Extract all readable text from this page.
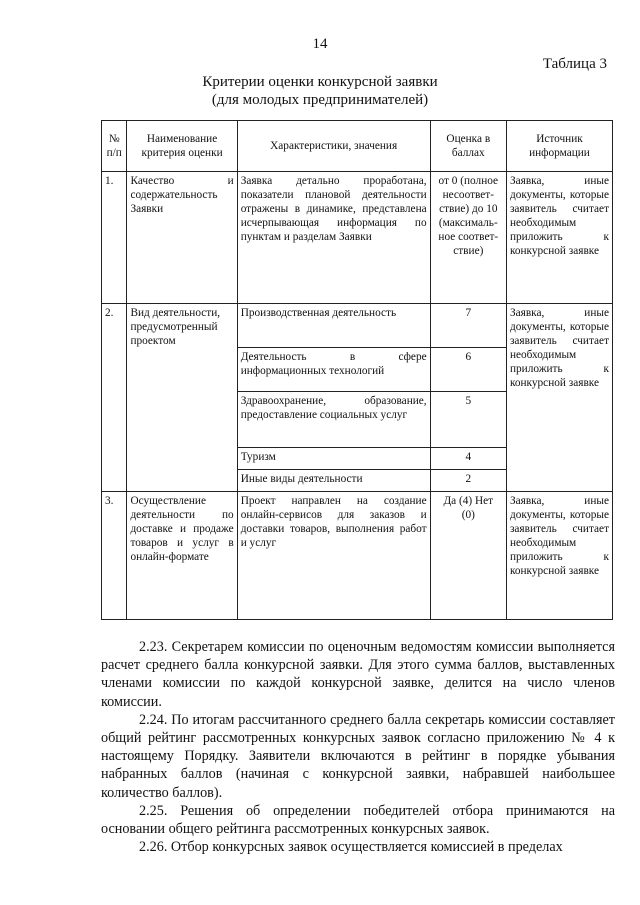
14
Таблица 3
Критерии оценки конкурсной заявки
(для молодых предпринимателей)
№ п/п	Наименование критерия оценки	Характеристики, значения	Оценка в баллах	Источник информации
1.	Качество и содержательность Заявки	Заявка детально проработана, показатели плановой деятельности отражены в динамике, представлена исчерпывающая информация по пунктам и разделам Заявки	от 0 (полное несоответ-ствие) до 10 (максималь-ное соответ-ствие)	Заявка, иные документы, которые заявитель считает необходимым приложить к конкурсной заявке
2.	Вид деятельности, предусмотренный проектом	Производственная деятельность	7	Заявка, иные документы, которые заявитель считает необходимым приложить к конкурсной заявке
		Деятельность в сфере информационных технологий	6	
		Здравоохранение, образование, предоставление социальных услуг	5	
		Туризм	4	
		Иные виды деятельности	2	
3.	Осуществление деятельности по доставке и продаже товаров и услуг в онлайн-формате	Проект направлен на создание онлайн-сервисов для заказов и доставки товаров, выполнения работ и услуг	Да (4) Нет (0)	Заявка, иные документы, которые заявитель считает необходимым приложить к конкурсной заявке

2.23. Секретарем комиссии по оценочным ведомостям комиссии выполняется расчет среднего балла конкурсной заявки. Для этого сумма баллов, выставленных членами комиссии по каждой конкурсной заявке, делится на число членов комиссии.

2.24. По итогам рассчитанного среднего балла секретарь комиссии составляет общий рейтинг рассмотренных конкурсных заявок согласно приложению № 4 к настоящему Порядку. Заявители включаются в рейтинг в порядке убывания набранных баллов (начиная с конкурсной заявки, набравшей наибольшее количество баллов).

2.25. Решения об определении победителей отбора принимаются на основании общего рейтинга рассмотренных конкурсных заявок.

2.26. Отбор конкурсных заявок осуществляется комиссией в пределах
